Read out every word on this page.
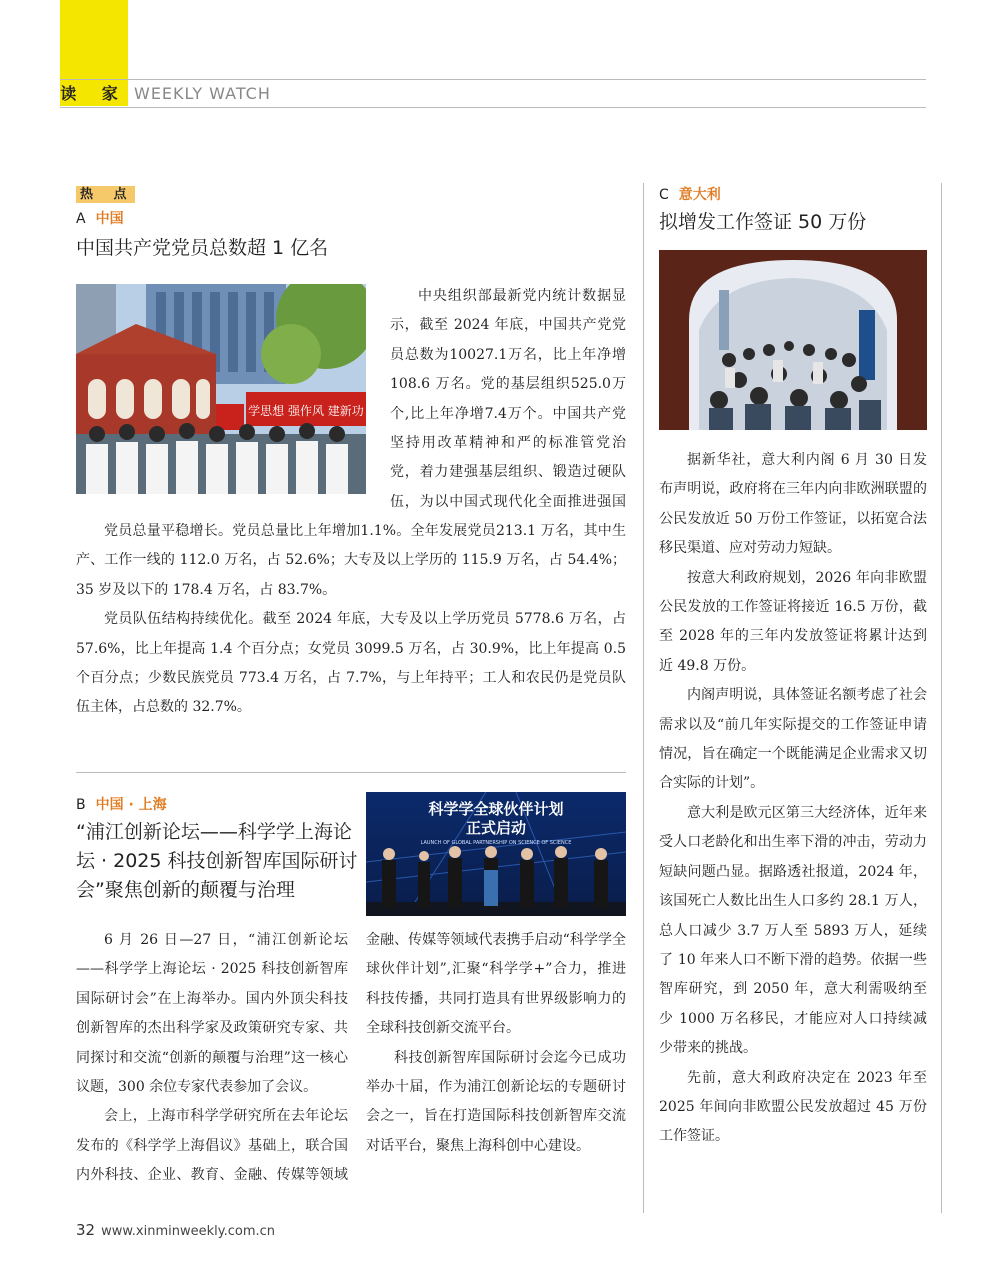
读 家 WEEKLY WATCH
热 点
A 中国
中国共产党党员总数超 1 亿名
学思想 强作风 建新功

中央组织部最新党内统计数据显示，截至 2024 年底，中国共产党党员总数为10027.1万名，比上年净增 108.6 万名。党的基层组织525.0万个,比上年净增7.4万个。中国共产党坚持用改革精神和严的标准管党治党，着力建强基层组织、锻造过硬队伍，为以中国式现代化全面推进强国

党员总量平稳增长。党员总量比上年增加1.1%。全年发展党员213.1 万名，其中生产、工作一线的 112.0 万名，占 52.6%；大专及以上学历的 115.9 万名，占 54.4%；35 岁及以下的 178.4 万名，占 83.7%。

党员队伍结构持续优化。截至 2024 年底，大专及以上学历党员 5778.6 万名，占 57.6%，比上年提高 1.4 个百分点；女党员 3099.5 万名，占 30.9%，比上年提高 0.5 个百分点；少数民族党员 773.4 万名，占 7.7%，与上年持平；工人和农民仍是党员队伍主体，占总数的 32.7%。

B 中国 · 上海
“浦江创新论坛——科学学上海论坛 · 2025 科技创新智库国际研讨会”聚焦创新的颠覆与治理
科学学全球伙伴计划
正式启动
LAUNCH OF GLOBAL PARTNERSHIP ON SCIENCE OF SCIENCE

6 月 26 日—27 日，“浦江创新论坛——科学学上海论坛 · 2025 科技创新智库国际研讨会”在上海举办。国内外顶尖科技创新智库的杰出科学家及政策研究专家、共同探讨和交流“创新的颠覆与治理”这一核心议题，300 余位专家代表参加了会议。

会上，上海市科学学研究所在去年论坛发布的《科学学上海倡议》基础上，联合国内外科技、企业、教育、金融、传媒等领域

金融、传媒等领域代表携手启动“科学学全球伙伴计划”,汇聚“科学学+”合力，推进科技传播，共同打造具有世界级影响力的全球科技创新交流平台。

科技创新智库国际研讨会迄今已成功举办十届，作为浦江创新论坛的专题研讨会之一，旨在打造国际科技创新智库交流对话平台，聚焦上海科创中心建设。

C 意大利
拟增发工作签证 50 万份

据新华社，意大利内阁 6 月 30 日发布声明说，政府将在三年内向非欧洲联盟的公民发放近 50 万份工作签证，以拓宽合法移民渠道、应对劳动力短缺。

按意大利政府规划，2026 年向非欧盟公民发放的工作签证将接近 16.5 万份，截至 2028 年的三年内发放签证将累计达到近 49.8 万份。

内阁声明说，具体签证名额考虑了社会需求以及“前几年实际提交的工作签证申请情况，旨在确定一个既能满足企业需求又切合实际的计划”。

意大利是欧元区第三大经济体，近年来受人口老龄化和出生率下滑的冲击，劳动力短缺问题凸显。据路透社报道，2024 年，该国死亡人数比出生人口多约 28.1 万人，总人口减少 3.7 万人至 5893 万人，延续了 10 年来人口不断下滑的趋势。依据一些智库研究，到 2050 年，意大利需吸纳至少 1000 万名移民，才能应对人口持续减少带来的挑战。

先前，意大利政府决定在 2023 年至 2025 年间向非欧盟公民发放超过 45 万份工作签证。

32 www.xinminweekly.com.cn
